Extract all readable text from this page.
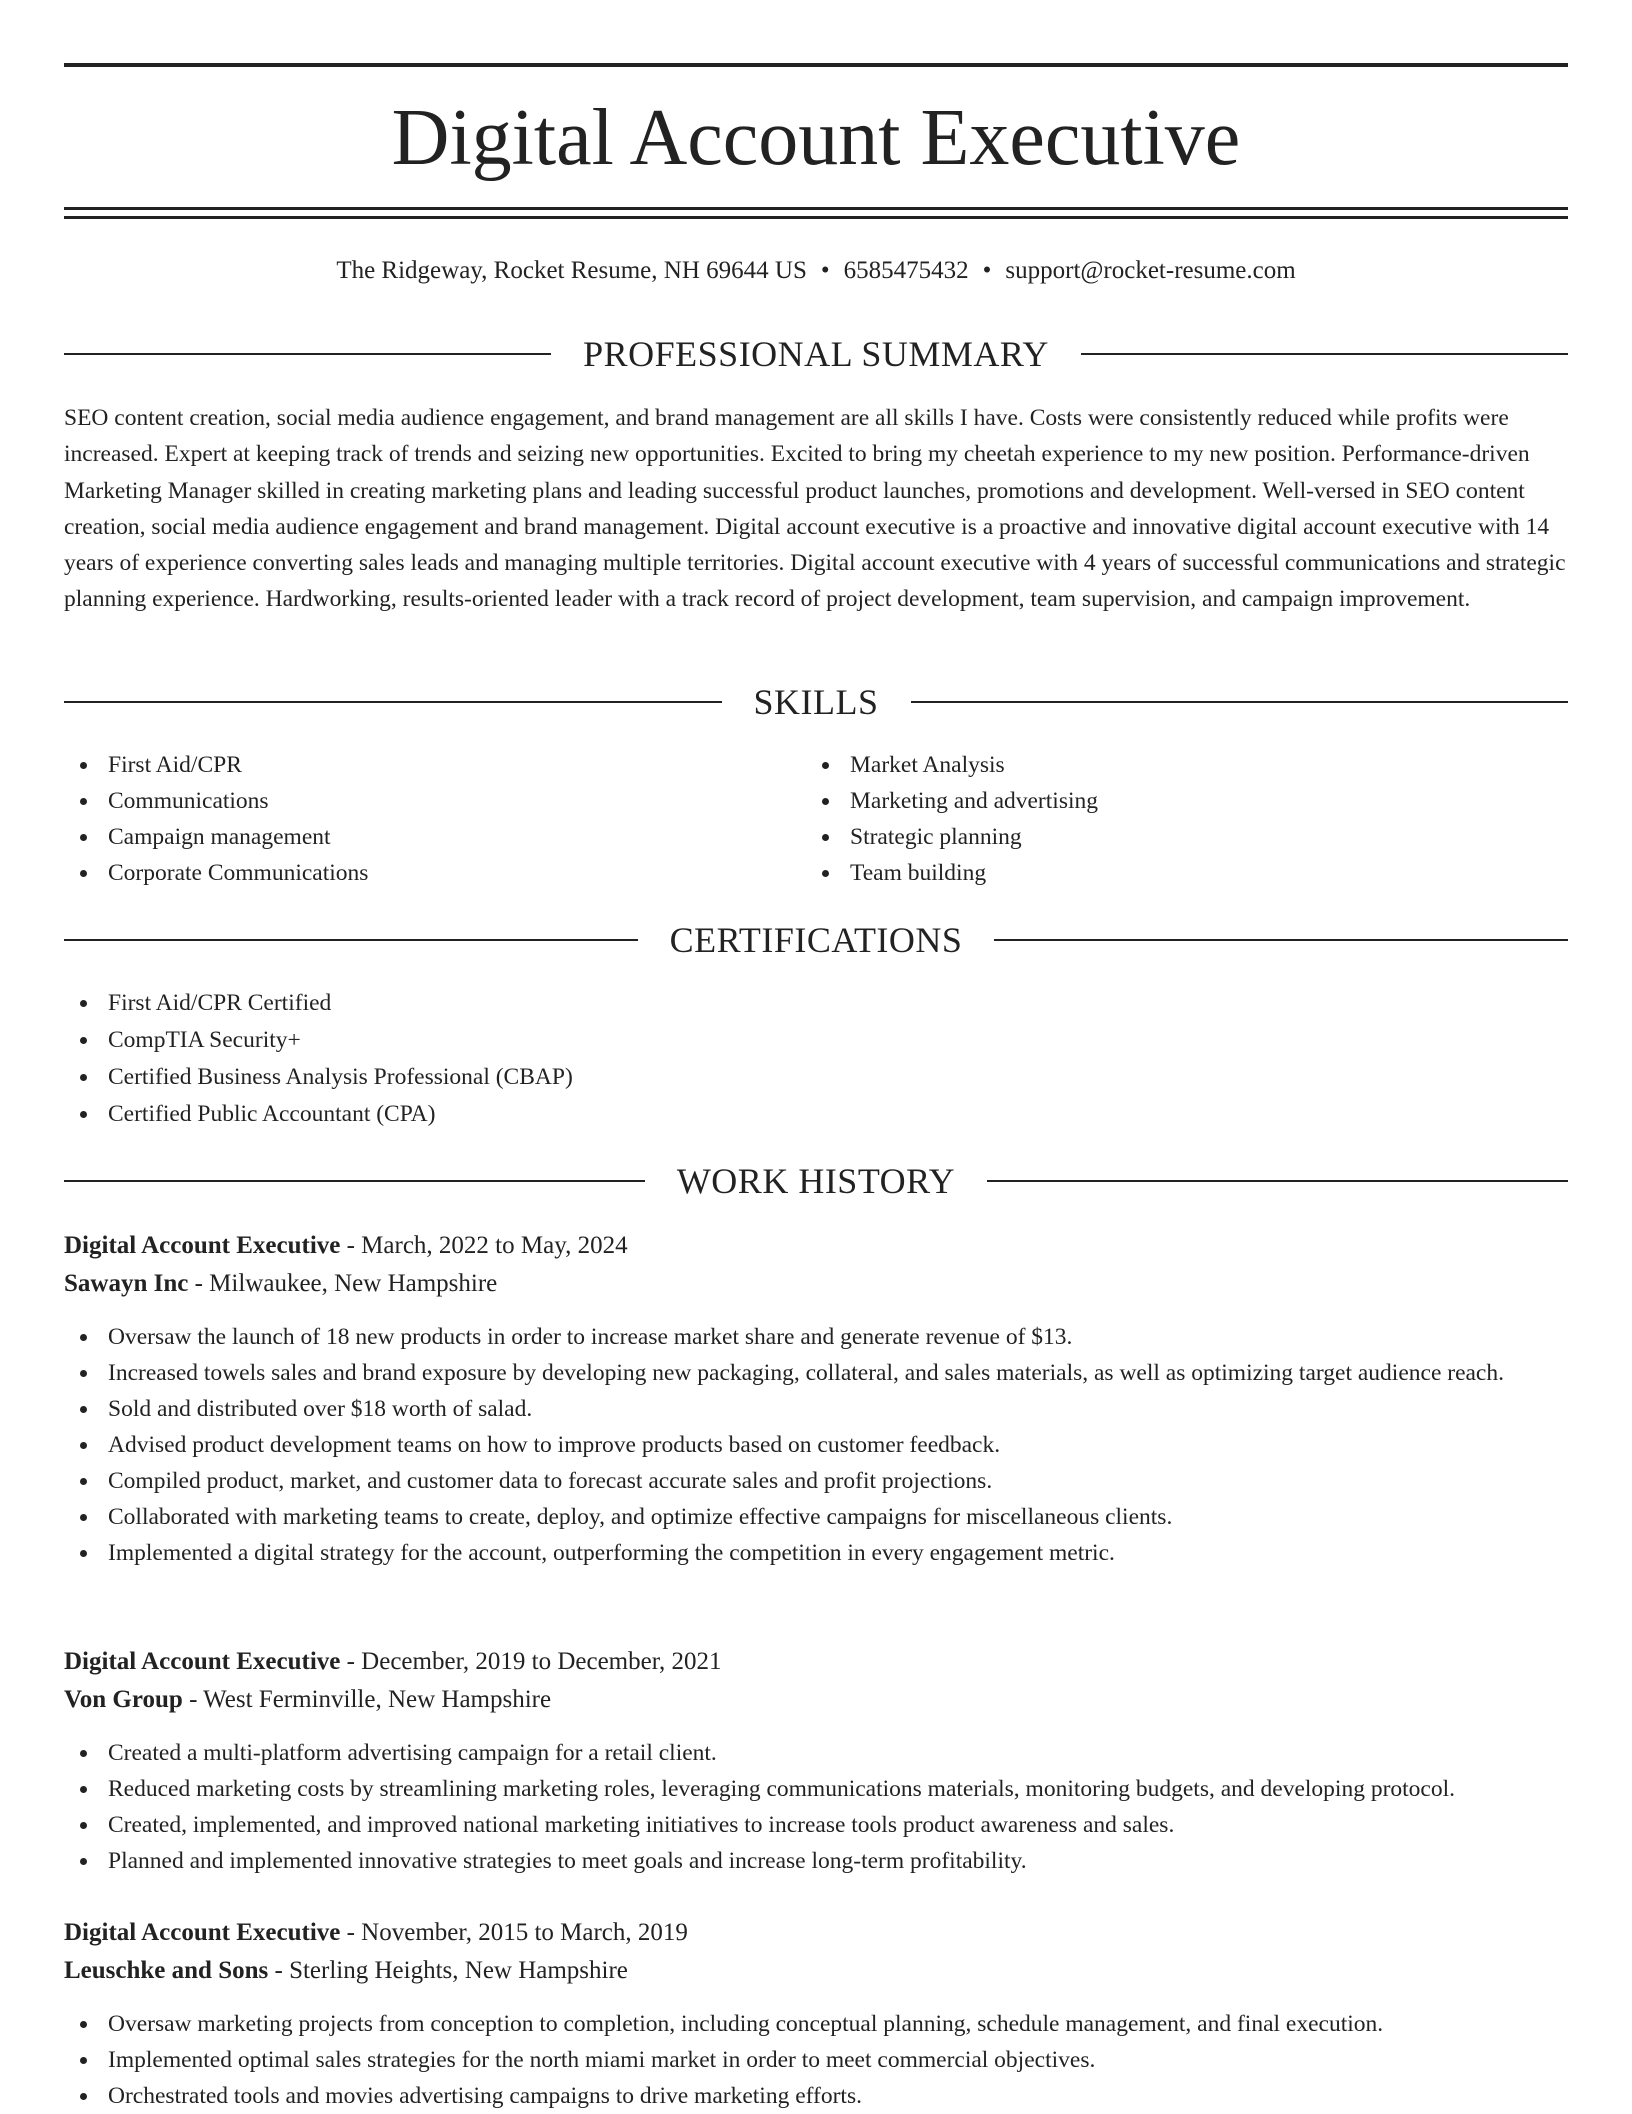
Digital Account Executive
The Ridgeway, Rocket Resume, NH 69644 US • 6585475432 • support@rocket-resume.com
PROFESSIONAL SUMMARY

SEO content creation, social media audience engagement, and brand management are all skills I have. Costs were consistently reduced while profits were increased. Expert at keeping track of trends and seizing new opportunities. Excited to bring my cheetah experience to my new position. Performance-driven Marketing Manager skilled in creating marketing plans and leading successful product launches, promotions and development. Well-versed in SEO content creation, social media audience engagement and brand management. Digital account executive is a proactive and innovative digital account executive with 14 years of experience converting sales leads and managing multiple territories. Digital account executive with 4 years of successful communications and strategic planning experience. Hardworking, results-oriented leader with a track record of project development, team supervision, and campaign improvement.

SKILLS
First Aid/CPR
Communications
Campaign management
Corporate Communications
Market Analysis
Marketing and advertising
Strategic planning
Team building
CERTIFICATIONS
First Aid/CPR Certified
CompTIA Security+
Certified Business Analysis Professional (CBAP)
Certified Public Accountant (CPA)
WORK HISTORY
Digital Account Executive - March, 2022 to May, 2024
Sawayn Inc - Milwaukee, New Hampshire
Oversaw the launch of 18 new products in order to increase market share and generate revenue of $13.
Increased towels sales and brand exposure by developing new packaging, collateral, and sales materials, as well as optimizing target audience reach.
Sold and distributed over $18 worth of salad.
Advised product development teams on how to improve products based on customer feedback.
Compiled product, market, and customer data to forecast accurate sales and profit projections.
Collaborated with marketing teams to create, deploy, and optimize effective campaigns for miscellaneous clients.
Implemented a digital strategy for the account, outperforming the competition in every engagement metric.
Digital Account Executive - December, 2019 to December, 2021
Von Group - West Ferminville, New Hampshire
Created a multi-platform advertising campaign for a retail client.
Reduced marketing costs by streamlining marketing roles, leveraging communications materials, monitoring budgets, and developing protocol.
Created, implemented, and improved national marketing initiatives to increase tools product awareness and sales.
Planned and implemented innovative strategies to meet goals and increase long-term profitability.
Digital Account Executive - November, 2015 to March, 2019
Leuschke and Sons - Sterling Heights, New Hampshire
Oversaw marketing projects from conception to completion, including conceptual planning, schedule management, and final execution.
Implemented optimal sales strategies for the north miami market in order to meet commercial objectives.
Orchestrated tools and movies advertising campaigns to drive marketing efforts.
